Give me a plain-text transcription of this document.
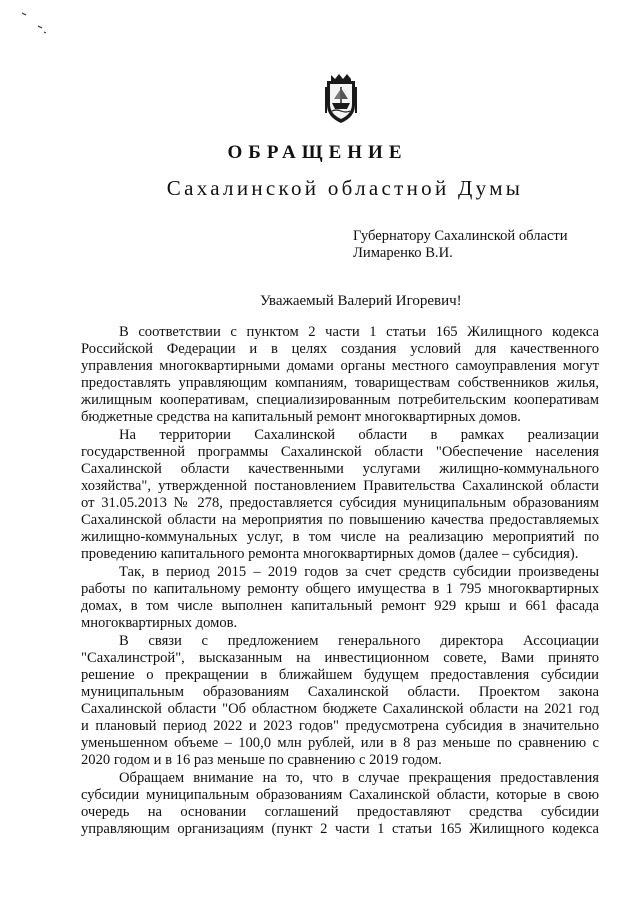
ОБРАЩЕНИЕ
Сахалинской областной Думы
Губернатору Сахалинской области
Лимаренко В.И.
Уважаемый Валерий Игоревич!
В соответствии с пунктом 2 части 1 статьи 165 Жилищного кодекса
Российской Федерации и в целях создания условий для качественного
управления многоквартирными домами органы местного самоуправления могут
предоставлять управляющим компаниям, товариществам собственников жилья,
жилищным кооперативам, специализированным потребительским кооперативам
бюджетные средства на капитальный ремонт многоквартирных домов.
На территории Сахалинской области в рамках реализации
государственной программы Сахалинской области "Обеспечение населения
Сахалинской области качественными услугами жилищно-коммунального
хозяйства", утвержденной постановлением Правительства Сахалинской области
от 31.05.2013 № 278, предоставляется субсидия муниципальным образованиям
Сахалинской области на мероприятия по повышению качества предоставляемых
жилищно-коммунальных услуг, в том числе на реализацию мероприятий по
проведению капитального ремонта многоквартирных домов (далее – субсидия).
Так, в период 2015 – 2019 годов за счет средств субсидии произведены
работы по капитальному ремонту общего имущества в 1 795 многоквартирных
домах, в том числе выполнен капитальный ремонт 929 крыш и 661 фасада
многоквартирных домов.
В связи с предложением генерального директора Ассоциации
"Сахалинстрой", высказанным на инвестиционном совете, Вами принято
решение о прекращении в ближайшем будущем предоставления субсидии
муниципальным образованиям Сахалинской области. Проектом закона
Сахалинской области "Об областном бюджете Сахалинской области на 2021 год
и плановый период 2022 и 2023 годов" предусмотрена субсидия в значительно
уменьшенном объеме – 100,0 млн рублей, или в 8 раз меньше по сравнению с
2020 годом и в 16 раз меньше по сравнению с 2019 годом.
Обращаем внимание на то, что в случае прекращения предоставления
субсидии муниципальным образованиям Сахалинской области, которые в свою
очередь на основании соглашений предоставляют средства субсидии
управляющим организациям (пункт 2 части 1 статьи 165 Жилищного кодекса
